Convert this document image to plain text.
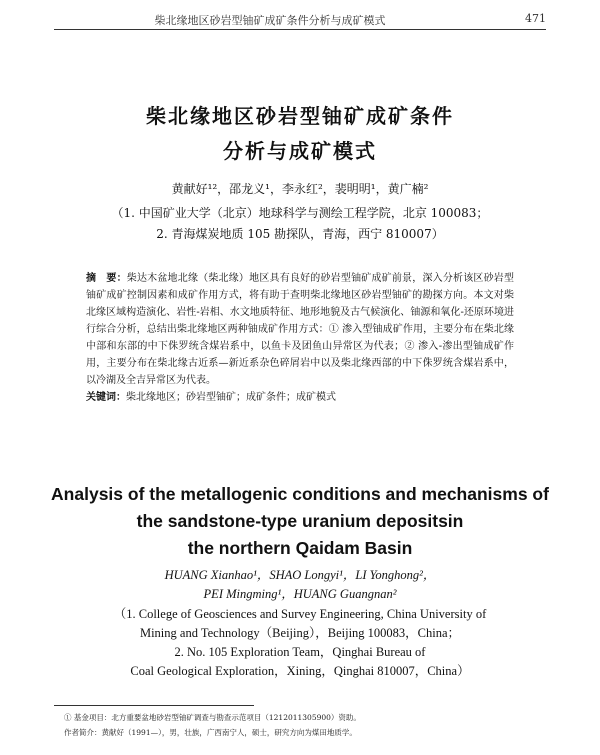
柴北缘地区砂岩型铀矿成矿条件分析与成矿模式	471
柴北缘地区砂岩型铀矿成矿条件
分析与成矿模式
黄献好¹²，邵龙义¹，李永红²，裴明明¹，黄广楠²
（1. 中国矿业大学（北京）地球科学与测绘工程学院，北京 100083；
2. 青海煤炭地质 105 勘探队，青海，西宁 810007）
摘　要：柴达木盆地北缘（柴北缘）地区具有良好的砂岩型铀矿成矿前景，深入分析该区砂岩型铀矿成矿控制因素和成矿作用方式，将有助于查明柴北缘地区砂岩型铀矿的勘探方向。本文对柴北缘区域构造演化、岩性-岩相、水文地质特征、地形地貌及古气候演化、铀源和氧化-还原环境进行综合分析，总结出柴北缘地区两种铀成矿作用方式：① 渗入型铀成矿作用，主要分布在柴北缘中部和东部的中下侏罗统含煤岩系中，以鱼卡及团鱼山异常区为代表；② 渗入-渗出型铀成矿作用，主要分布在柴北缘古近系—新近系杂色碎屑岩中以及柴北缘西部的中下侏罗统含煤岩系中，以冷湖及全吉异常区为代表。
关键词：柴北缘地区；砂岩型铀矿；成矿条件；成矿模式
Analysis of the metallogenic conditions and mechanisms of
the sandstone-type uranium depositsin
the northern Qaidam Basin
HUANG Xianhao¹，SHAO Longyi¹，LI Yonghong²，
PEI Mingming¹，HUANG Guangnan²
（1. College of Geosciences and Survey Engineering, China University of
Mining and Technology（Beijing），Beijing 100083，China；
2. No. 105 Exploration Team，Qinghai Bureau of
Coal Geological Exploration，Xining，Qinghai 810007，China）
① 基金项目：北方重要盆地砂岩型铀矿调查与勘查示范项目（1212011305900）资助。
作者简介：黄献好（1991—），男，壮族，广西南宁人，硕士，研究方向为煤田地质学。
